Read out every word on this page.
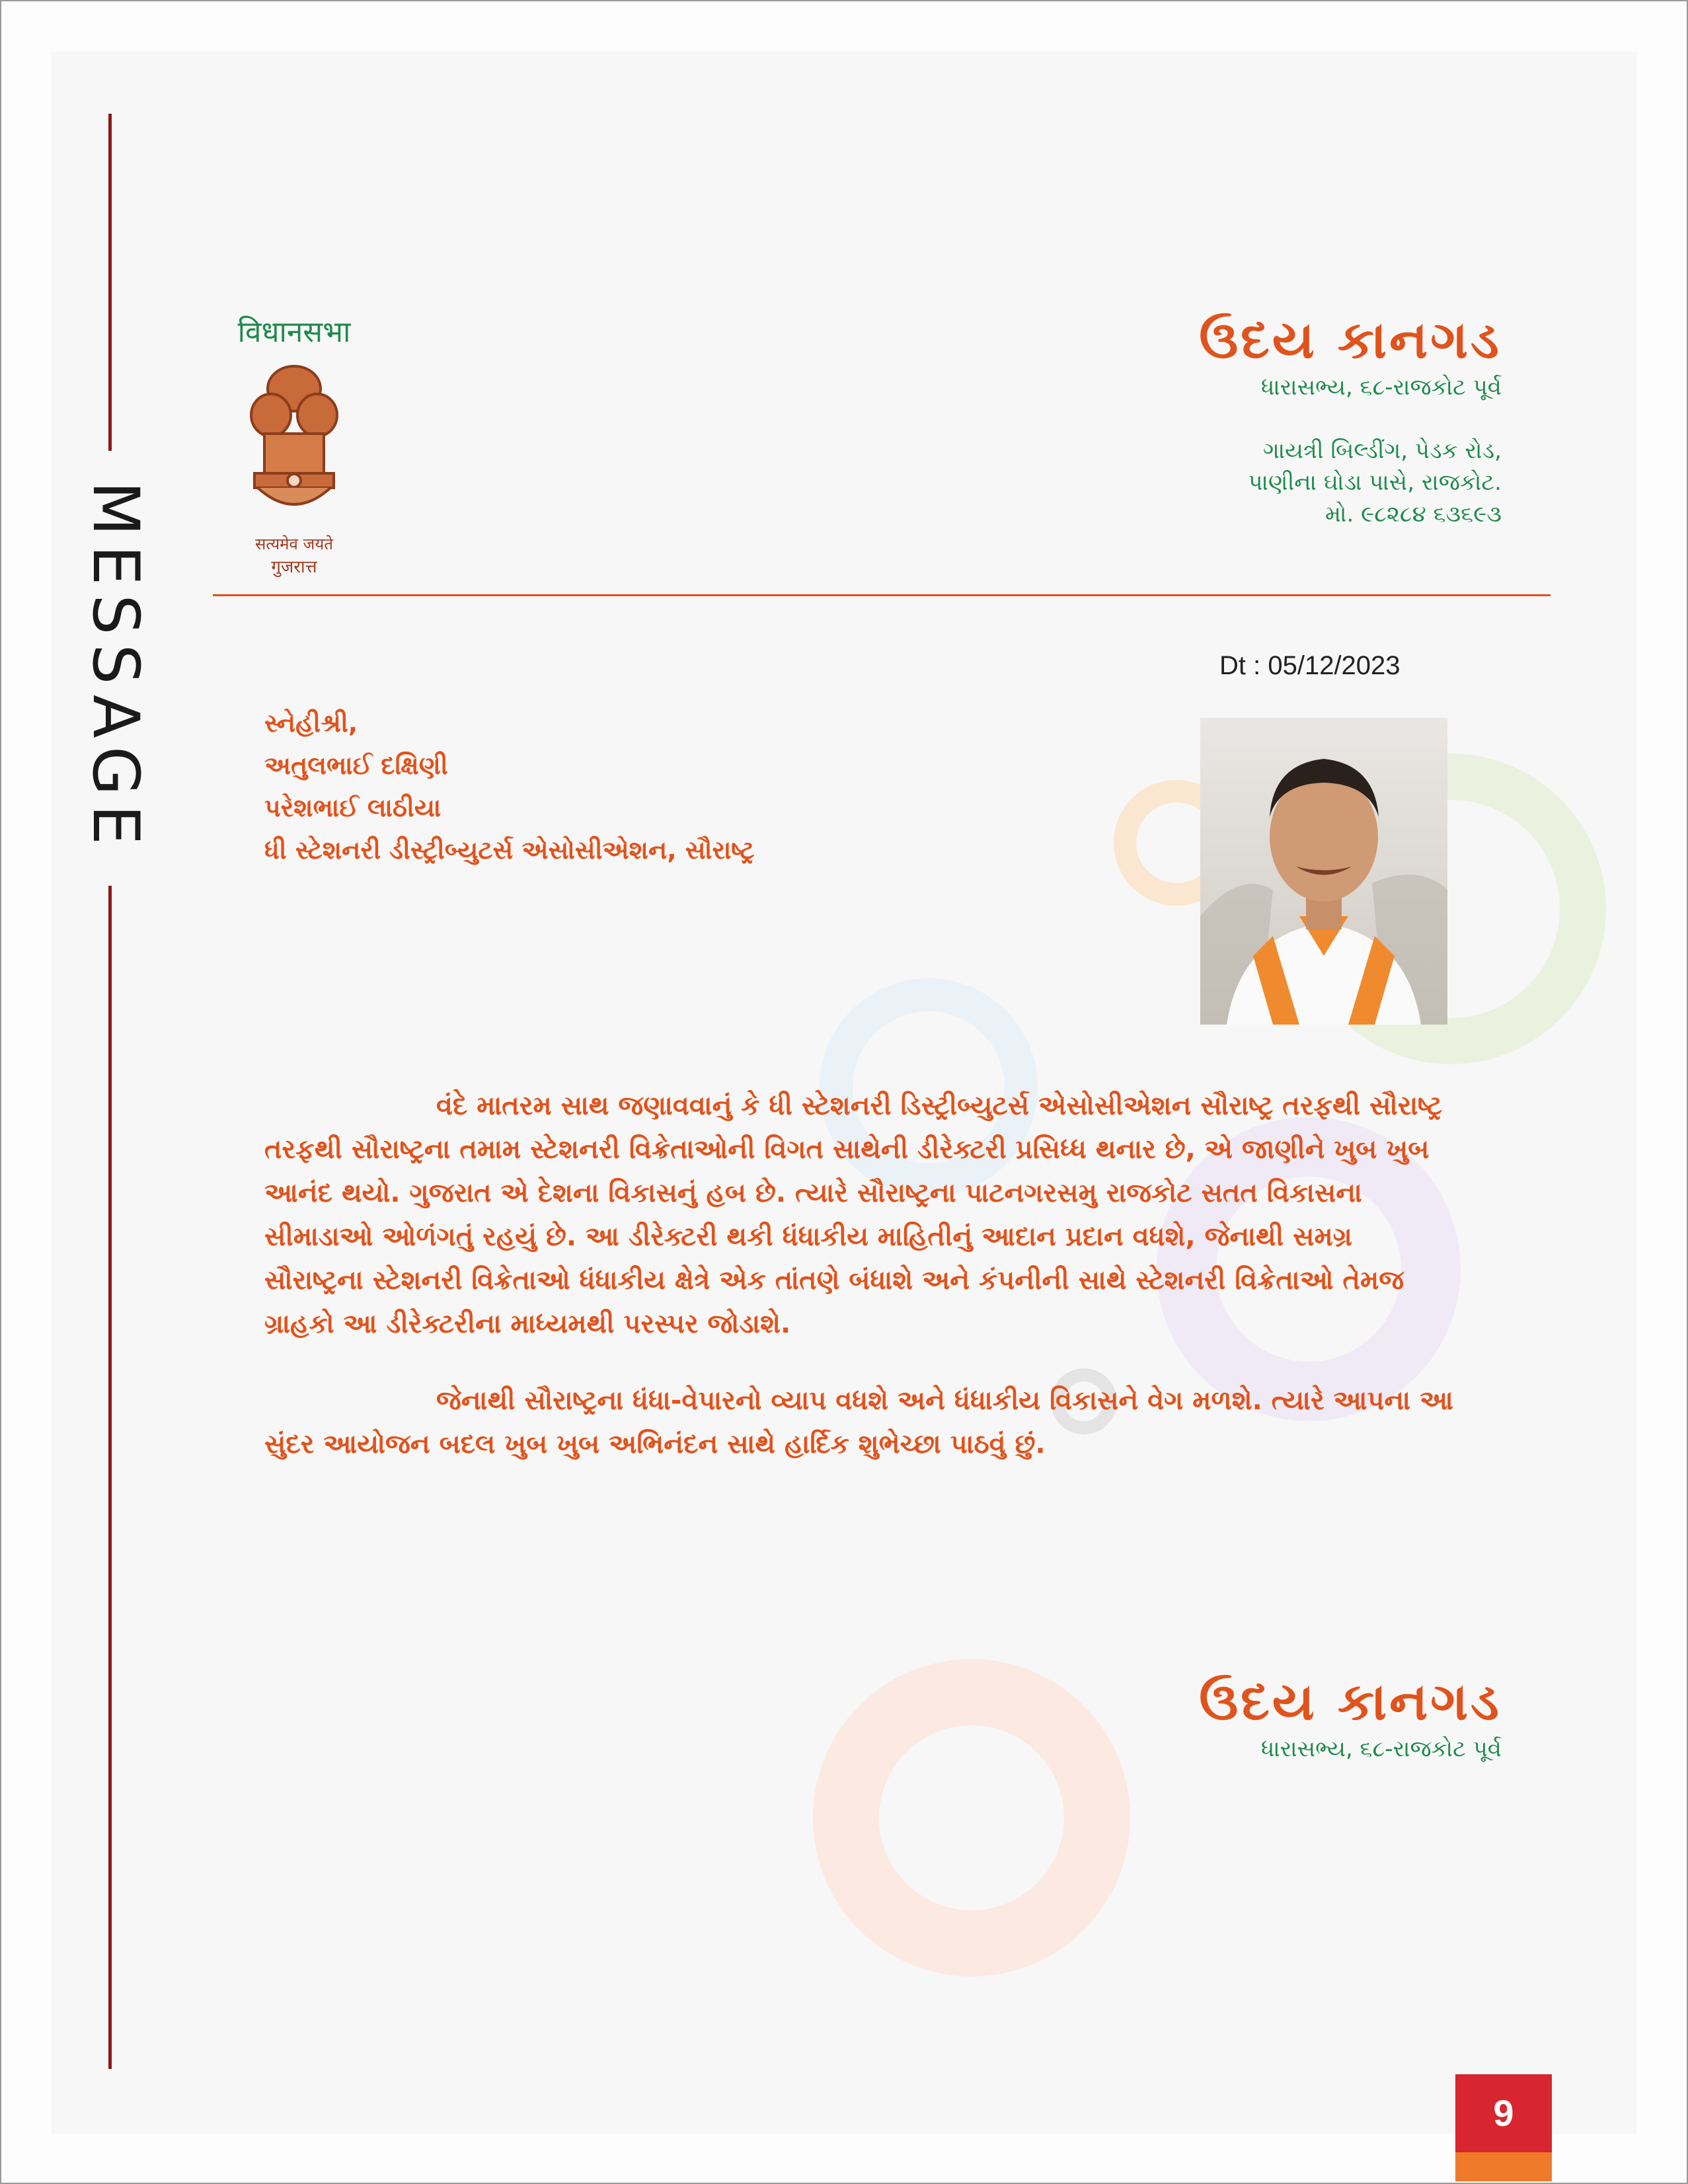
MESSAGE
विधानसभा
सत्यमेव जयते
गुजरात्त
ઉદય કાનગડ
ધારાસભ્ય, ૬૮-રાજકોટ પૂર્વ
ગાયત્રી બિલ્ડીંગ, પેડક રોડ,
પાણીના ઘોડા પાસે, રાજકોટ.
મો. ૯૮૨૮૪ ૬૩૬૯૩
Dt : 05/12/2023
સ્નેહીશ્રી,
અતુલભાઈ દક્ષિણી
પરેશભાઈ લાઠીયા
ધી સ્ટેશનરી ડીસ્ટ્રીબ્યુટર્સ એસોસીએશન, સૌરાષ્ટ્ર

વંદે માતરમ સાથ જણાવવાનું કે ધી સ્ટેશનરી ડિસ્ટ્રીબ્યુટર્સ એસોસીએશન સૌરાષ્ટ્ર તરફથી સૌરાષ્ટ્ર તરફથી સૌરાષ્ટ્રના તમામ સ્ટેશનરી વિક્રેતાઓની વિગત સાથેની ડીરેક્ટરી પ્રસિધ્ધ થનાર છે, એ જાણીને ખુબ ખુબ આનંદ થયો. ગુજરાત એ દેશના વિકાસનું હબ છે. ત્યારે સૌરાષ્ટ્રના પાટનગરસમુ રાજકોટ સતત વિકાસના સીમાડાઓ ઓળંગતું રહયું છે. આ ડીરેક્ટરી થકી ધંધાકીય માહિતીનું આદાન પ્રદાન વધશે, જેનાથી સમગ્ર સૌરાષ્ટ્રના સ્ટેશનરી વિક્રેતાઓ ધંધાકીય ક્ષેત્રે એક તાંતણે બંધાશે અને કંપનીની સાથે સ્ટેશનરી વિક્રેતાઓ તેમજ ગ્રાહકો આ ડીરેક્ટરીના માધ્યમથી પરસ્પર જોડાશે.

જેનાથી સૌરાષ્ટ્રના ધંધા-વેપારનો વ્યાપ વધશે અને ધંધાકીય વિકાસને વેગ મળશે. ત્યારે આપના આ સુંદર આયોજન બદલ ખુબ ખુબ અભિનંદન સાથે હાર્દિક શુભેચ્છા પાઠવું છું.

ઉદય કાનગડ
ધારાસભ્ય, ૬૮-રાજકોટ પૂર્વ
9
